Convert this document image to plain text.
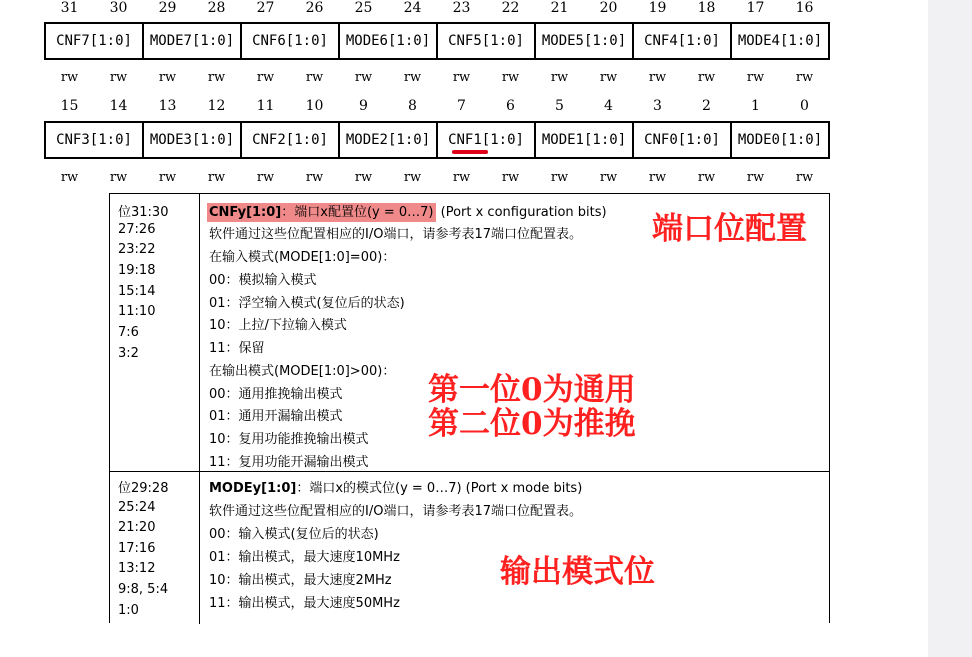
31	30	29	28	27	26	25	24	23	22	21	20	19	18	17	16
CNF7[1:0]	MODE7[1:0]	CNF6[1:0]	MODE6[1:0]	CNF5[1:0]	MODE5[1:0]	CNF4[1:0]	MODE4[1:0]
rw	rw	rw	rw	rw	rw	rw	rw	rw	rw	rw	rw	rw	rw	rw	rw
15	14	13	12	11	10	9	8	7	6	5	4	3	2	1	0
CNF3[1:0]	MODE3[1:0]	CNF2[1:0]	MODE2[1:0]	CNF1[1:0]	MODE1[1:0]	CNF0[1:0]	MODE0[1:0]
rw	rw	rw	rw	rw	rw	rw	rw	rw	rw	rw	rw	rw	rw	rw	rw
位31:30
27:26
23:22
19:18
15:14
11:10
7:6
3:2
CNFy[1:0]：端口x配置位(y = 0…7) (Port x configuration bits)
软件通过这些位配置相应的I/O端口，请参考表17端口位配置表。
在输入模式(MODE[1:0]=00)：
00：模拟输入模式
01：浮空输入模式(复位后的状态)
10：上拉/下拉输入模式
11：保留
在输出模式(MODE[1:0]>00)：
00：通用推挽输出模式
01：通用开漏输出模式
10：复用功能推挽输出模式
11：复用功能开漏输出模式
位29:28
25:24
21:20
17:16
13:12
9:8, 5:4
1:0
MODEy[1:0]：端口x的模式位(y = 0…7) (Port x mode bits)
软件通过这些位配置相应的I/O端口，请参考表17端口位配置表。
00：输入模式(复位后的状态)
01：输出模式，最大速度10MHz
10：输出模式，最大速度2MHz
11：输出模式，最大速度50MHz
端口位配置
第一位0为通用
第二位0为推挽
输出模式位
